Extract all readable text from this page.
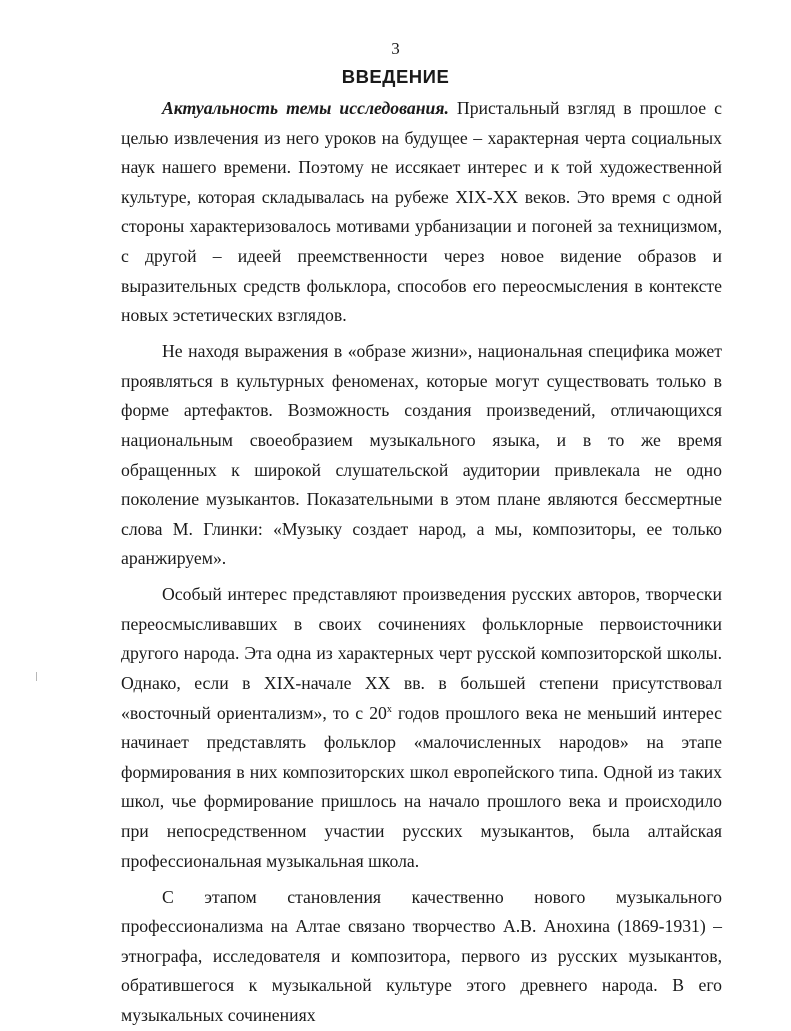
3
ВВЕДЕНИЕ

Актуальность темы исследования. Пристальный взгляд в прошлое с целью извлечения из него уроков на будущее – характерная черта социальных наук нашего времени. Поэтому не иссякает интерес и к той художественной культуре, которая складывалась на рубеже XIX-XX веков. Это время с одной стороны характеризовалось мотивами урбанизации и погоней за техницизмом, с другой – идеей преемственности через новое видение образов и выразительных средств фольклора, способов его переосмысления в контексте новых эстетических взглядов.

Не находя выражения в «образе жизни», национальная специфика может проявляться в культурных феноменах, которые могут существовать только в форме артефактов. Возможность создания произведений, отличающихся национальным своеобразием музыкального языка, и в то же время обращенных к широкой слушательской аудитории привлекала не одно поколение музыкантов. Показательными в этом плане являются бессмертные слова М. Глинки: «Музыку создает народ, а мы, композиторы, ее только аранжируем».

Особый интерес представляют произведения русских авторов, творчески переосмысливавших в своих сочинениях фольклорные первоисточники другого народа. Эта одна из характерных черт русской композиторской школы. Однако, если в XIX-начале XX вв. в большей степени присутствовал «восточный ориентализм», то с $20^х$ годов прошлого века не меньший интерес начинает представлять фольклор «малочисленных народов» на этапе формирования в них композиторских школ европейского типа. Одной из таких школ, чье формирование пришлось на начало прошлого века и происходило при непосредственном участии русских музыкантов, была алтайская профессиональная музыкальная школа.

С этапом становления качественно нового музыкального профессионализма на Алтае связано творчество А.В. Анохина (1869-1931) – этнографа, исследователя и композитора, первого из русских музыкантов, обратившегося к музыкальной культуре этого древнего народа. В его музыкальных сочинениях
